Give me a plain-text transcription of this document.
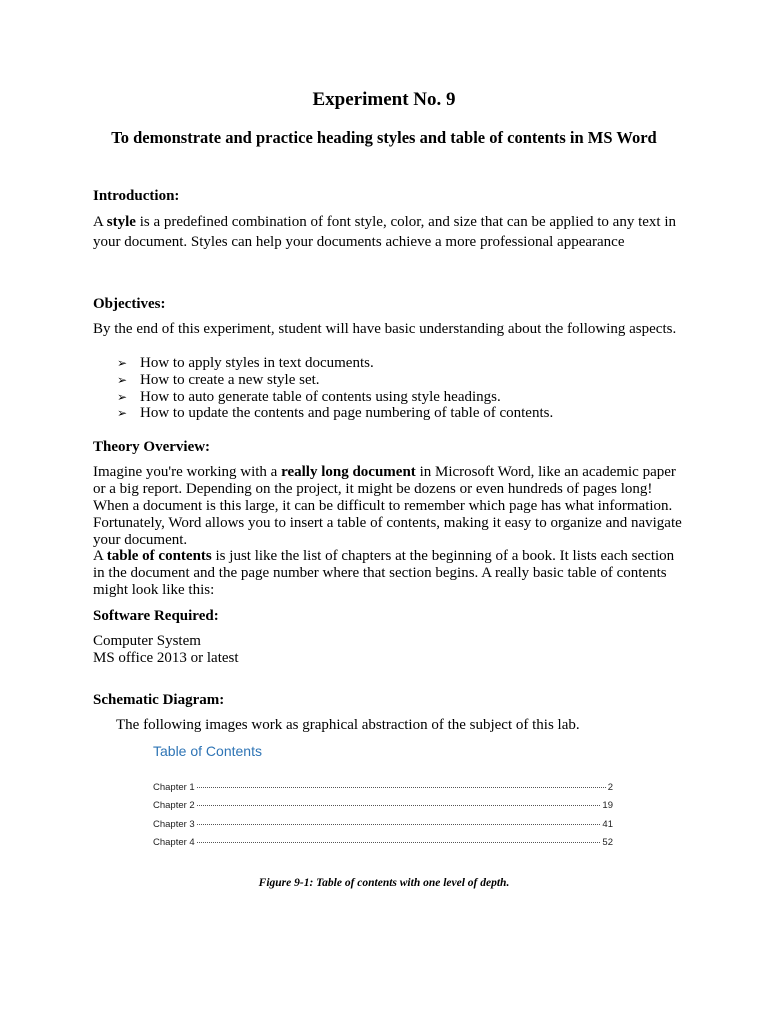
Experiment No. 9
To demonstrate and practice heading styles and table of contents in MS Word
Introduction:

A style is a predefined combination of font style, color, and size that can be applied to any text in your document. Styles can help your documents achieve a more professional appearance

Objectives:

By the end of this experiment, student will have basic understanding about the following aspects.

➢ How to apply styles in text documents.
➢ How to create a new style set.
➢ How to auto generate table of contents using style headings.
➢ How to update the contents and page numbering of table of contents.
Theory Overview:

Imagine you're working with a really long document in Microsoft Word, like an academic paper or a big report. Depending on the project, it might be dozens or even hundreds of pages long! When a document is this large, it can be difficult to remember which page has what information. Fortunately, Word allows you to insert a table of contents, making it easy to organize and navigate your document.

A table of contents is just like the list of chapters at the beginning of a book. It lists each section in the document and the page number where that section begins. A really basic table of contents might look like this:

Software Required:
Computer System
MS office 2013 or latest
Schematic Diagram:
The following images work as graphical abstraction of the subject of this lab.
Table of Contents
Chapter 1	2
Chapter 2	19
Chapter 3	41
Chapter 4	52
Figure 9-1: Table of contents with one level of depth.
